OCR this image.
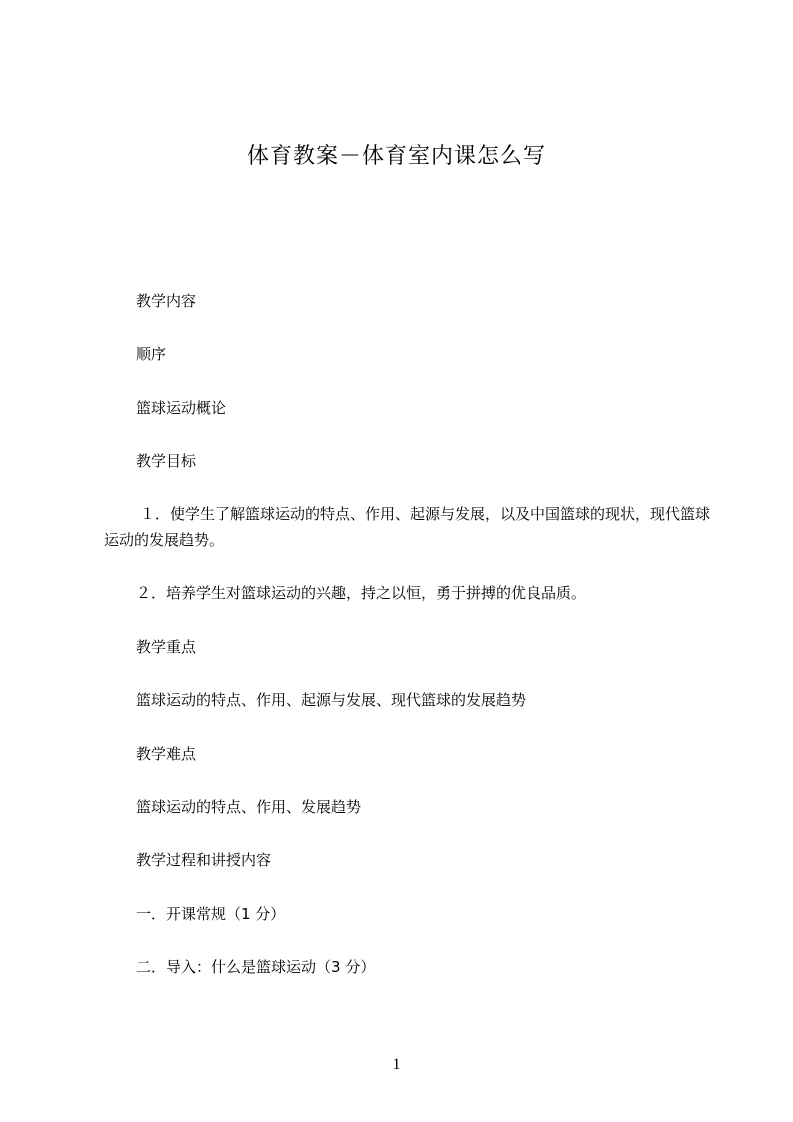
体育教案－体育室内课怎么写
教学内容
顺序
篮球运动概论
教学目标
１．使学生了解篮球运动的特点、作用、起源与发展，以及中国篮球的现状，现代篮球运动的发展趋势。
２．培养学生对篮球运动的兴趣，持之以恒，勇于拼搏的优良品质。
教学重点
篮球运动的特点、作用、起源与发展、现代篮球的发展趋势
教学难点
篮球运动的特点、作用、发展趋势
教学过程和讲授内容
一．开课常规（1 分）
二．导入：什么是篮球运动（3 分）
1
